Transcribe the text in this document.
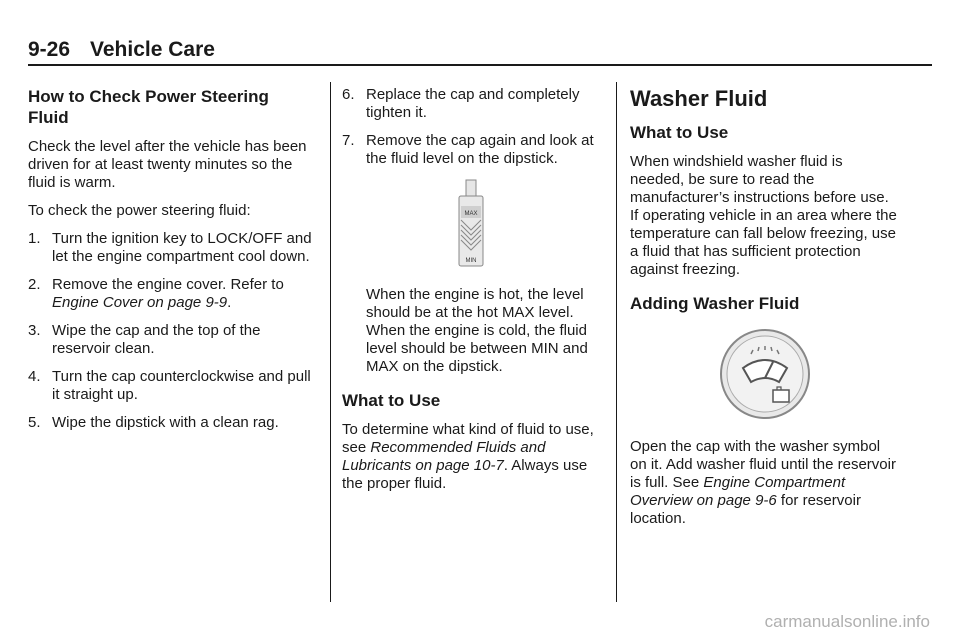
9-26 Vehicle Care
How to Check Power Steering Fluid

Check the level after the vehicle has been driven for at least twenty minutes so the fluid is warm.

To check the power steering fluid:

1. Turn the ignition key to LOCK/OFF and let the engine compartment cool down.
2. Remove the engine cover. Refer to Engine Cover on page 9-9.
3. Wipe the cap and the top of the reservoir clean.
4. Turn the cap counterclockwise and pull it straight up.
5. Wipe the dipstick with a clean rag.
6. Replace the cap and completely tighten it.
7. Remove the cap again and look at the fluid level on the dipstick.
MAX
MIN

When the engine is hot, the level should be at the hot MAX level. When the engine is cold, the fluid level should be between MIN and MAX on the dipstick.

What to Use

To determine what kind of fluid to use, see Recommended Fluids and Lubricants on page 10-7. Always use the proper fluid.

Washer Fluid
What to Use

When windshield washer fluid is needed, be sure to read the manufacturer’s instructions before use. If operating vehicle in an area where the temperature can fall below freezing, use a fluid that has sufficient protection against freezing.

Adding Washer Fluid

Open the cap with the washer symbol on it. Add washer fluid until the reservoir is full. See Engine Compartment Overview on page 9-6 for reservoir location.

carmanualsonline.info
